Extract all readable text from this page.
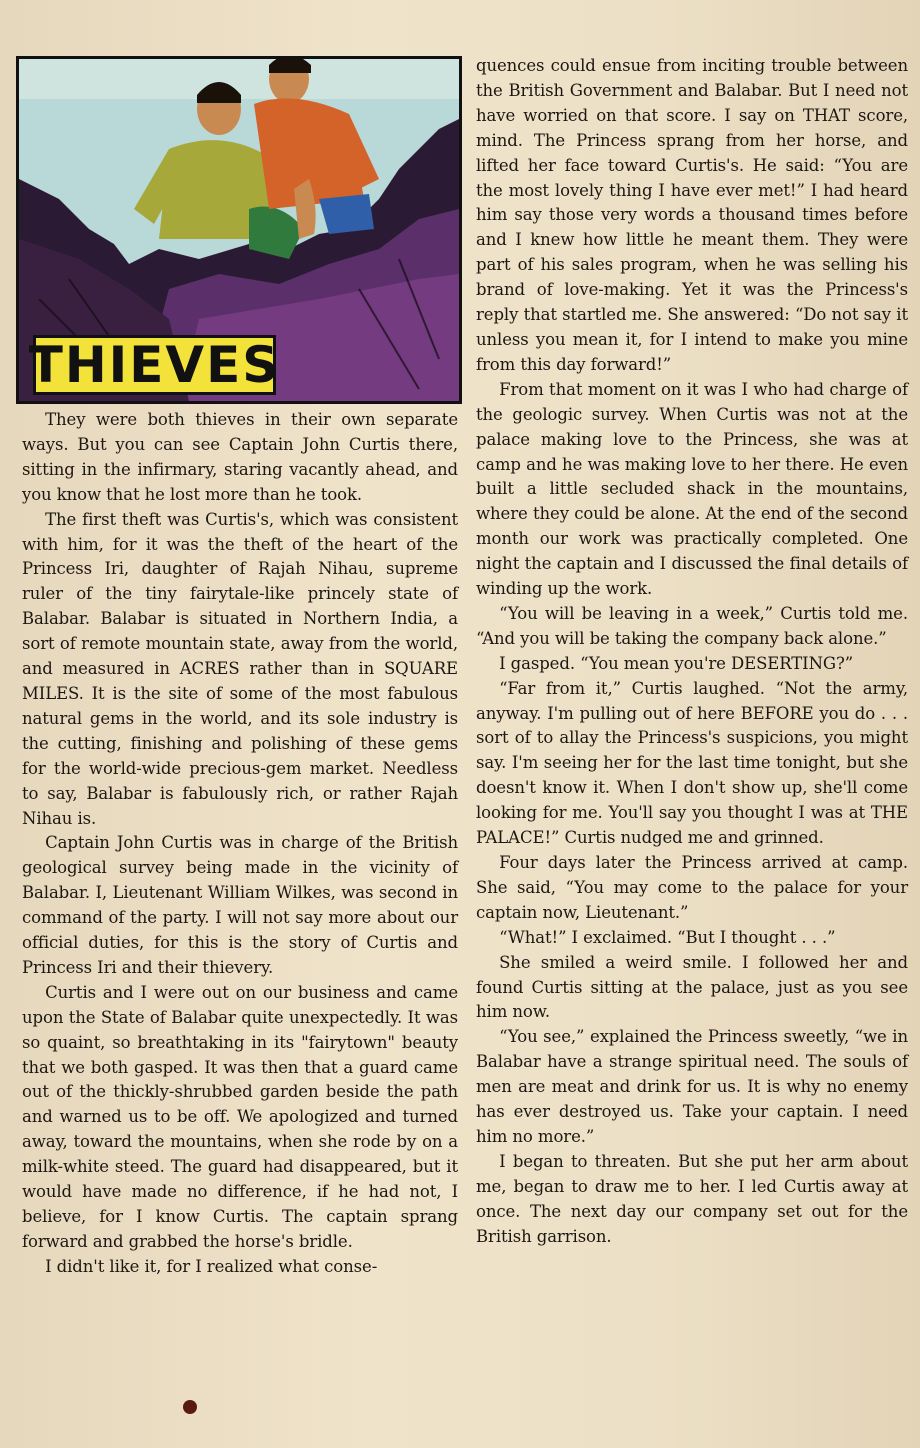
THIEVES

They were both thieves in their own separate ways. But you can see Captain John Curtis there, sitting in the infirmary, staring vacantly ahead, and you know that he lost more than he took.

The first theft was Curtis's, which was consistent with him, for it was the theft of the heart of the Princess Iri, daughter of Rajah Nihau, supreme ruler of the tiny fairytale-like princely state of Balabar. Balabar is situated in Northern India, a sort of remote mountain state, away from the world, and measured in ACRES rather than in SQUARE MILES. It is the site of some of the most fabulous natural gems in the world, and its sole industry is the cutting, finishing and polishing of these gems for the world-wide precious-gem market. Needless to say, Balabar is fabulously rich, or rather Rajah Nihau is.

Captain John Curtis was in charge of the British geological survey being made in the vicinity of Balabar. I, Lieutenant William Wilkes, was second in command of the party. I will not say more about our official duties, for this is the story of Curtis and Princess Iri and their thievery.

Curtis and I were out on our business and came upon the State of Balabar quite unexpectedly. It was so quaint, so breathtaking in its "fairytown" beauty that we both gasped. It was then that a guard came out of the thickly-shrubbed garden beside the path and warned us to be off. We apologized and turned away, toward the mountains, when she rode by on a milk-white steed. The guard had disappeared, but it would have made no difference, if he had not, I believe, for I know Curtis. The captain sprang forward and grabbed the horse's bridle.

I didn't like it, for I realized what conse-

quences could ensue from inciting trouble between the British Government and Balabar. But I need not have worried on that score. I say on THAT score, mind. The Princess sprang from her horse, and lifted her face toward Curtis's. He said: “You are the most lovely thing I have ever met!” I had heard him say those very words a thousand times before and I knew how little he meant them. They were part of his sales program, when he was selling his brand of love-making. Yet it was the Princess's reply that startled me. She answered: “Do not say it unless you mean it, for I intend to make you mine from this day forward!”

From that moment on it was I who had charge of the geologic survey. When Curtis was not at the palace making love to the Princess, she was at camp and he was making love to her there. He even built a little secluded shack in the mountains, where they could be alone. At the end of the second month our work was practically completed. One night the captain and I discussed the final details of winding up the work.

“You will be leaving in a week,” Curtis told me. “And you will be taking the company back alone.”

I gasped. “You mean you're DESERTING?”

“Far from it,” Curtis laughed. “Not the army, anyway. I'm pulling out of here BEFORE you do . . . sort of to allay the Princess's suspicions, you might say. I'm seeing her for the last time tonight, but she doesn't know it. When I don't show up, she'll come looking for me. You'll say you thought I was at THE PALACE!” Curtis nudged me and grinned.

Four days later the Princess arrived at camp. She said, “You may come to the palace for your captain now, Lieutenant.”

“What!” I exclaimed. “But I thought . . .”

She smiled a weird smile. I followed her and found Curtis sitting at the palace, just as you see him now.

“You see,” explained the Princess sweetly, “we in Balabar have a strange spiritual need. The souls of men are meat and drink for us. It is why no enemy has ever destroyed us. Take your captain. I need him no more.”

I began to threaten. But she put her arm about me, began to draw me to her. I led Curtis away at once. The next day our company set out for the British garrison.
